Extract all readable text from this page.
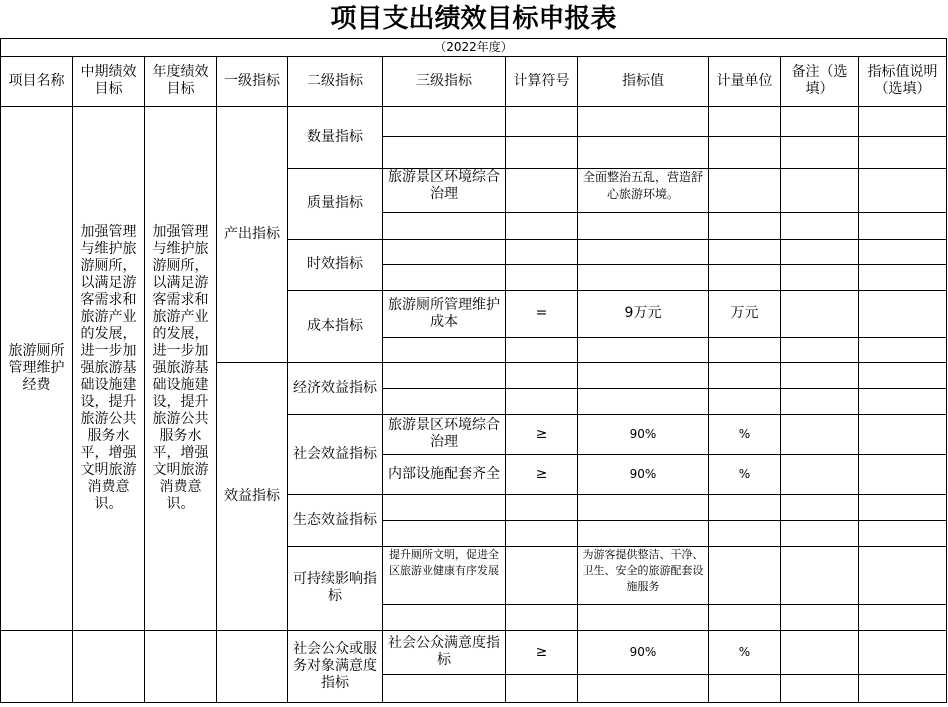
项目支出绩效目标申报表										
（2022年度）										
项目名称	中期绩效目标	年度绩效目标	一级指标	二级指标	三级指标	计算符号	指标值	计量单位	备注（选填）	指标值说明（选填）
旅游厕所管理维护经费	加强管理与维护旅游厕所，以满足游客需求和旅游产业的发展，进一步加强旅游基础设施建设，提升旅游公共服务水平，增强文明旅游消费意识。	加强管理与维护旅游厕所，以满足游客需求和旅游产业的发展，进一步加强旅游基础设施建设，提升旅游公共服务水平，增强文明旅游消费意识。	产出指标	数量指标						

				质量指标	旅游景区环境综合治理		全面整治五乱，营造舒心旅游环境。			

				时效指标						

				成本指标	旅游厕所管理维护成本	=	9万元	万元		

			效益指标	经济效益指标						

				社会效益指标	旅游景区环境综合治理	≥	90%	%		
					内部设施配套齐全	≥	90%	%		
				生态效益指标						

				可持续影响指标	提升厕所文明，促进全区旅游业健康有序发展		为游客提供整洁、干净、卫生、安全的旅游配套设施服务			

				社会公众或服务对象满意度指标	社会公众满意度指标	≥	90%	%		
